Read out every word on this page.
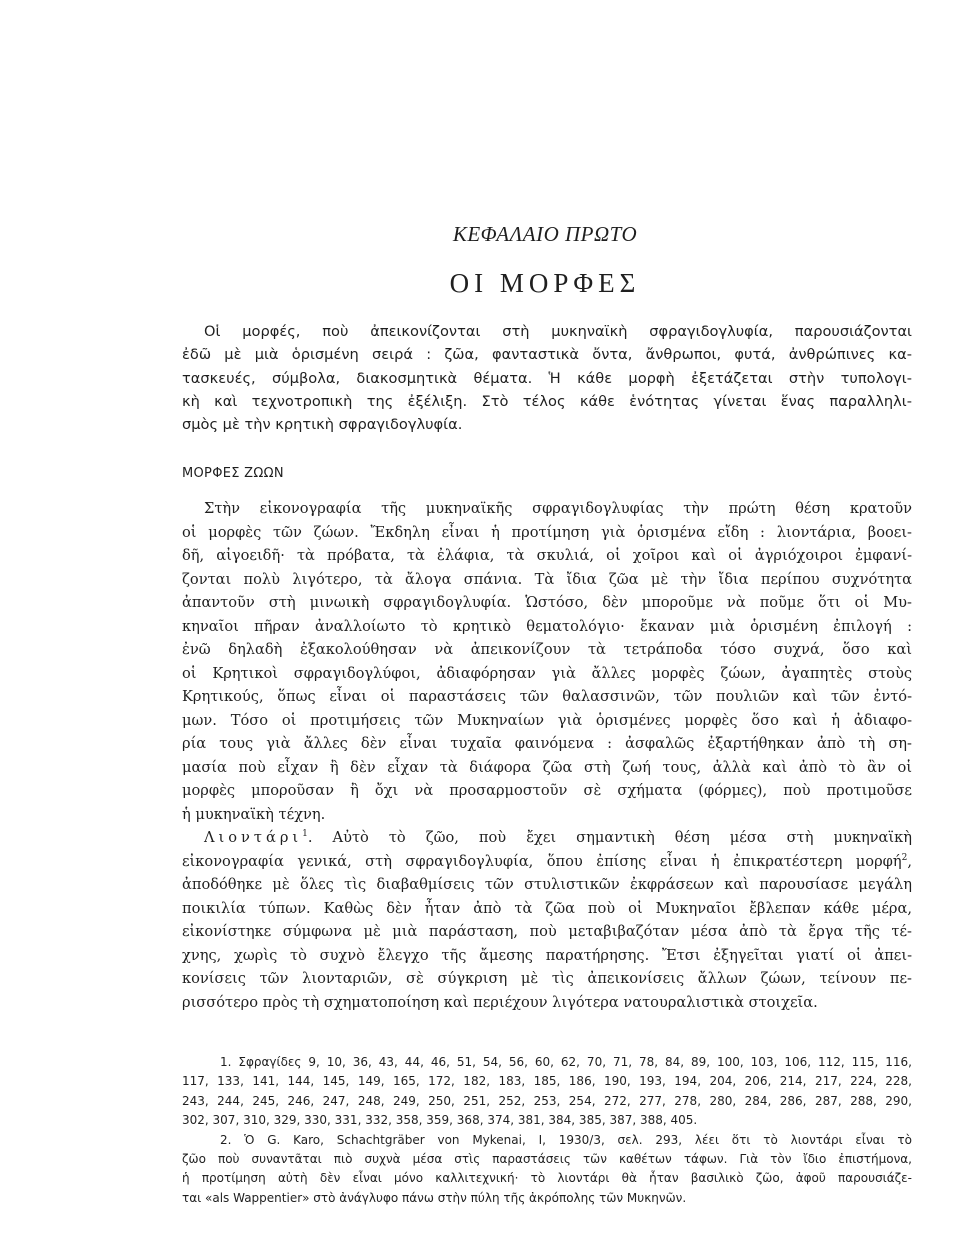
ΚΕΦΑΛΑΙΟ ΠΡΩΤΟ
ΟΙ ΜΟΡΦΕΣ
Οἱ μορφές, ποὺ ἀπεικονίζονται στὴ μυκηναϊκὴ σφραγιδογλυφία, παρουσιάζονται
ἐδῶ μὲ μιὰ ὁρισμένη σειρά : ζῶα, φανταστικὰ ὄντα, ἄνθρωποι, φυτά, ἀνθρώπινες κα-
τασκευές, σύμβολα, διακοσμητικὰ θέματα. Ἡ κάθε μορφὴ ἐξετάζεται στὴν τυπολογι-
κὴ καὶ τεχνοτροπικὴ της ἐξέλιξη. Στὸ τέλος κάθε ἑνότητας γίνεται ἕνας παραλληλι-
σμὸς μὲ τὴν κρητικὴ σφραγιδογλυφία.
ΜΟΡΦΕΣ ΖΩΩΝ
Στὴν εἰκονογραφία τῆς μυκηναϊκῆς σφραγιδογλυφίας τὴν πρώτη θέση κρατοῦν
οἱ μορφὲς τῶν ζώων. Ἔκδηλη εἶναι ἡ προτίμηση γιὰ ὁρισμένα εἴδη : λιοντάρια, βοοει-
δῆ, αἰγοειδῆ· τὰ πρόβατα, τὰ ἐλάφια, τὰ σκυλιά, οἱ χοῖροι καὶ οἱ ἀγριόχοιροι ἐμφανί-
ζονται πολὺ λιγότερο, τὰ ἄλογα σπάνια. Τὰ ἴδια ζῶα μὲ τὴν ἴδια περίπου συχνότητα
ἀπαντοῦν στὴ μινωικὴ σφραγιδογλυφία. Ὡστόσο, δὲν μποροῦμε νὰ ποῦμε ὅτι οἱ Μυ-
κηναῖοι πῆραν ἀναλλοίωτο τὸ κρητικὸ θεματολόγιο· ἔκαναν μιὰ ὁρισμένη ἐπιλογή :
ἐνῶ δηλαδὴ ἐξακολούθησαν νὰ ἀπεικονίζουν τὰ τετράποδα τόσο συχνά, ὅσο καὶ
οἱ Κρητικοὶ σφραγιδογλύφοι, ἀδιαφόρησαν γιὰ ἄλλες μορφὲς ζώων, ἀγαπητὲς στοὺς
Κρητικούς, ὅπως εἶναι οἱ παραστάσεις τῶν θαλασσινῶν, τῶν πουλιῶν καὶ τῶν ἐντό-
μων. Τόσο οἱ προτιμήσεις τῶν Μυκηναίων γιὰ ὁρισμένες μορφὲς ὅσο καὶ ἡ ἀδιαφο-
ρία τους γιὰ ἄλλες δὲν εἶναι τυχαῖα φαινόμενα : ἀσφαλῶς ἐξαρτήθηκαν ἀπὸ τὴ ση-
μασία ποὺ εἶχαν ἢ δὲν εἶχαν τὰ διάφορα ζῶα στὴ ζωή τους, ἀλλὰ καὶ ἀπὸ τὸ ἂν οἱ
μορφὲς μποροῦσαν ἢ ὄχι νὰ προσαρμοστοῦν σὲ σχήματα (φόρμες), ποὺ προτιμοῦσε
ἡ μυκηναϊκὴ τέχνη.
Λιοντάρι$^1$. Αὐτὸ τὸ ζῶο, ποὺ ἔχει σημαντικὴ θέση μέσα στὴ μυκηναϊκὴ
εἰκονογραφία γενικά, στὴ σφραγιδογλυφία, ὅπου ἐπίσης εἶναι ἡ ἐπικρατέστερη μορφή$^2$,
ἀποδόθηκε μὲ ὅλες τὶς διαβαθμίσεις τῶν στυλιστικῶν ἐκφράσεων καὶ παρουσίασε μεγάλη
ποικιλία τύπων. Καθὼς δὲν ἦταν ἀπὸ τὰ ζῶα ποὺ οἱ Μυκηναῖοι ἔβλεπαν κάθε μέρα,
εἰκονίστηκε σύμφωνα μὲ μιὰ παράσταση, ποὺ μεταβιβαζόταν μέσα ἀπὸ τὰ ἔργα τῆς τέ-
χνης, χωρὶς τὸ συχνὸ ἔλεγχο τῆς ἄμεσης παρατήρησης. Ἔτσι ἐξηγεῖται γιατί οἱ ἀπει-
κονίσεις τῶν λιονταριῶν, σὲ σύγκριση μὲ τὶς ἀπεικονίσεις ἄλλων ζώων, τείνουν πε-
ρισσότερο πρὸς τὴ σχηματοποίηση καὶ περιέχουν λιγότερα νατουραλιστικὰ στοιχεῖα.
1. Σφραγίδες 9, 10, 36, 43, 44, 46, 51, 54, 56, 60, 62, 70, 71, 78, 84, 89, 100, 103, 106, 112, 115, 116,
117, 133, 141, 144, 145, 149, 165, 172, 182, 183, 185, 186, 190, 193, 194, 204, 206, 214, 217, 224, 228,
243, 244, 245, 246, 247, 248, 249, 250, 251, 252, 253, 254, 272, 277, 278, 280, 284, 286, 287, 288, 290,
302, 307, 310, 329, 330, 331, 332, 358, 359, 368, 374, 381, 384, 385, 387, 388, 405.
2. Ὁ G. Karo, Schachtgräber von Mykenai, I, 1930/3, σελ. 293, λέει ὅτι τὸ λιοντάρι εἶναι τὸ
ζῶο ποὺ συναντᾶται πιὸ συχνὰ μέσα στὶς παραστάσεις τῶν καθέτων τάφων. Γιὰ τὸν ἴδιο ἐπιστήμονα,
ἡ προτίμηση αὐτὴ δὲν εἶναι μόνο καλλιτεχνική· τὸ λιοντάρι θὰ ἦταν βασιλικὸ ζῶο, ἀφοῦ παρουσιάζε-
ται «als Wappentier» στὸ ἀνάγλυφο πάνω στὴν πύλη τῆς ἀκρόπολης τῶν Μυκηνῶν.
